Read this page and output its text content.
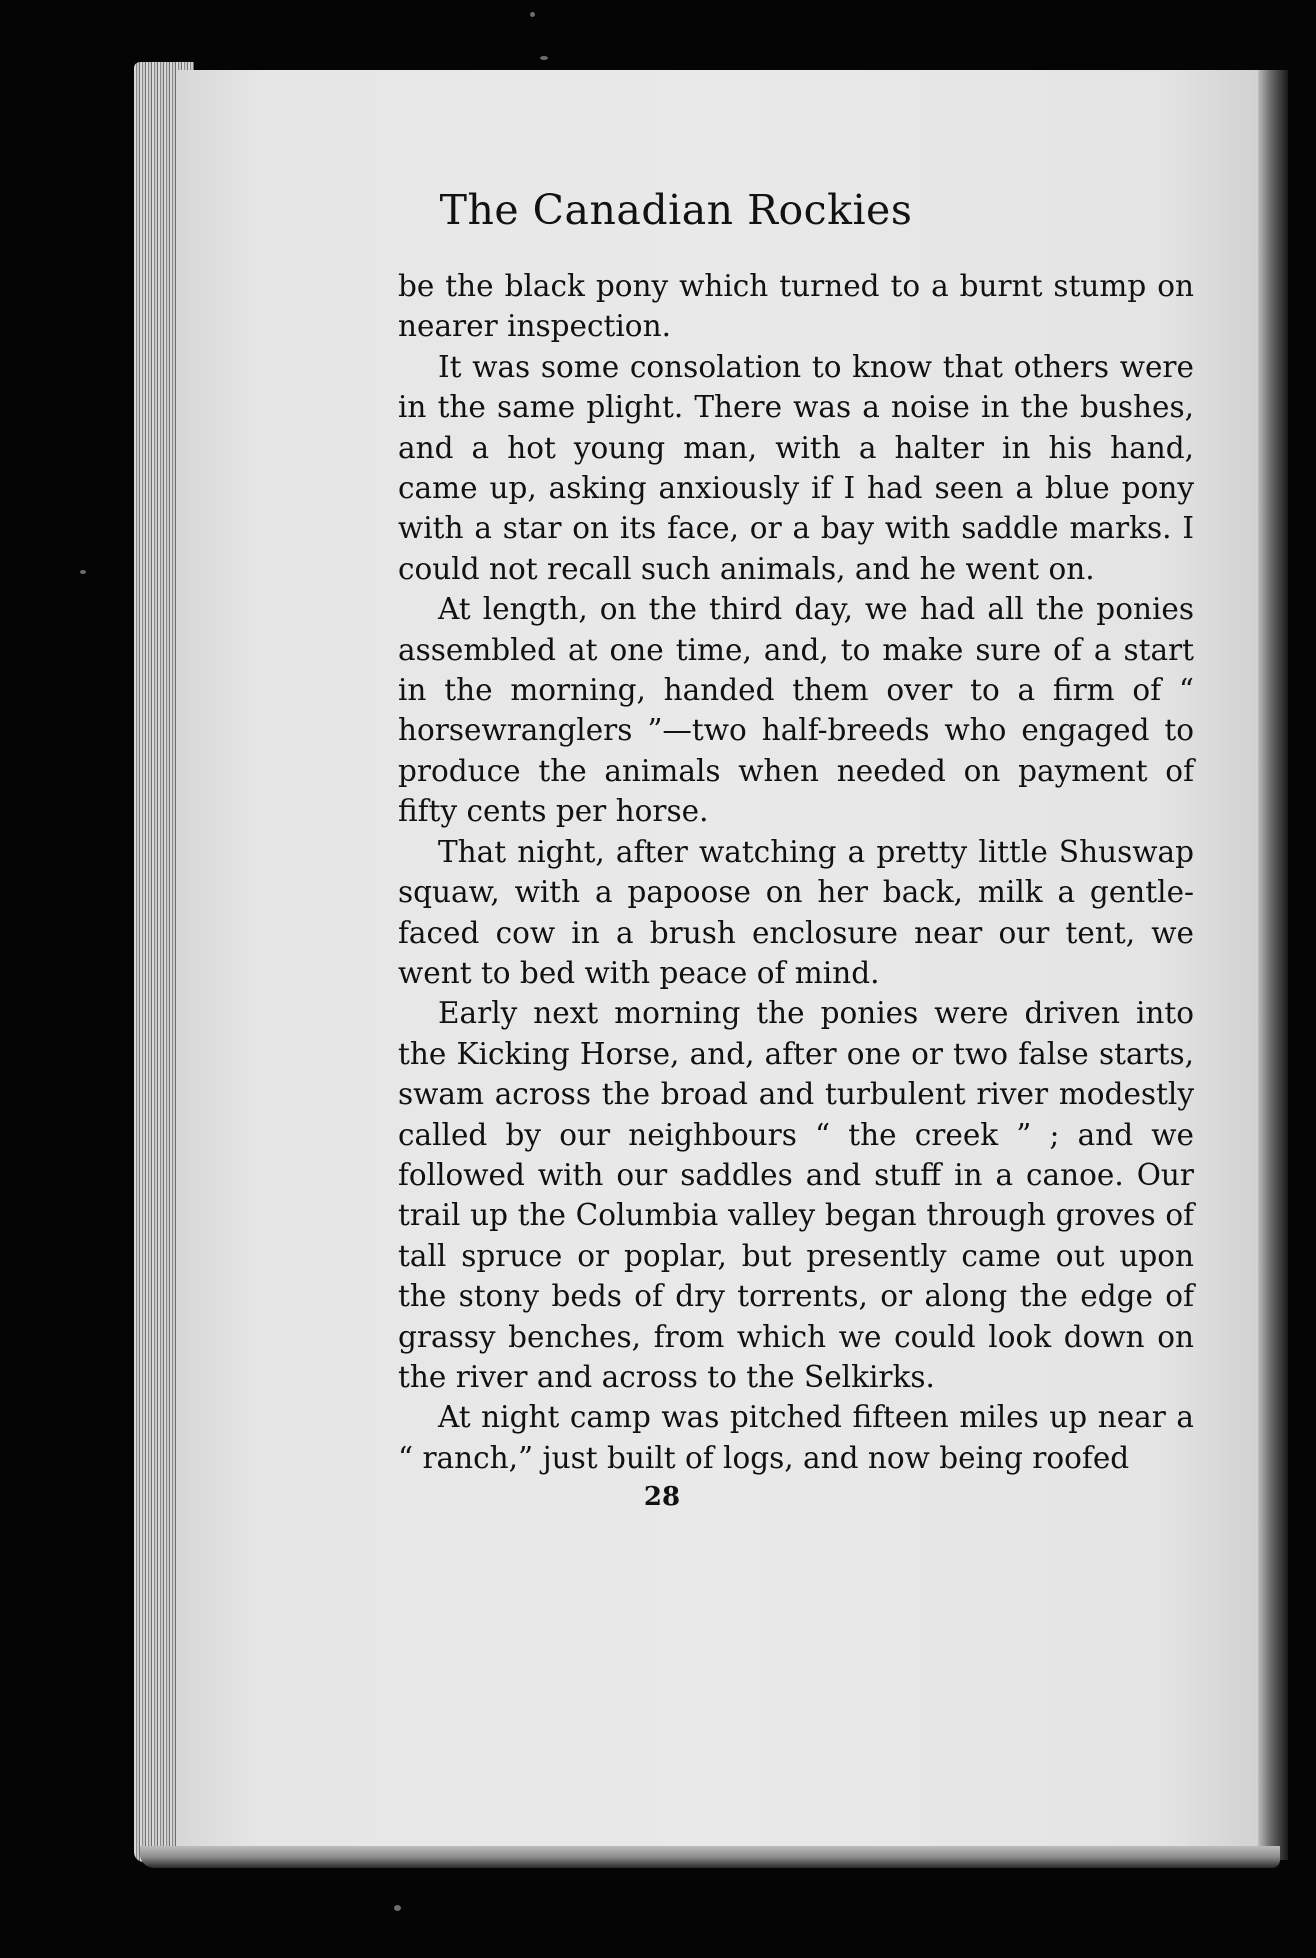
The Canadian Rockies

be the black pony which turned to a burnt stump on nearer inspection.

It was some consolation to know that others were in the same plight. There was a noise in the bushes, and a hot young man, with a halter in his hand, came up, asking anxiously if I had seen a blue pony with a star on its face, or a bay with saddle marks. I could not recall such animals, and he went on.

At length, on the third day, we had all the ponies assembled at one time, and, to make sure of a start in the morning, handed them over to a firm of “ horsewranglers ”—two half-breeds who engaged to produce the animals when needed on payment of fifty cents per horse.

That night, after watching a pretty little Shuswap squaw, with a papoose on her back, milk a gentle-faced cow in a brush enclosure near our tent, we went to bed with peace of mind.

Early next morning the ponies were driven into the Kicking Horse, and, after one or two false starts, swam across the broad and turbulent river modestly called by our neighbours “ the creek ” ; and we followed with our saddles and stuff in a canoe. Our trail up the Columbia valley began through groves of tall spruce or poplar, but presently came out upon the stony beds of dry torrents, or along the edge of grassy benches, from which we could look down on the river and across to the Selkirks.

At night camp was pitched fifteen miles up near a “ ranch,” just built of logs, and now being roofed

28
